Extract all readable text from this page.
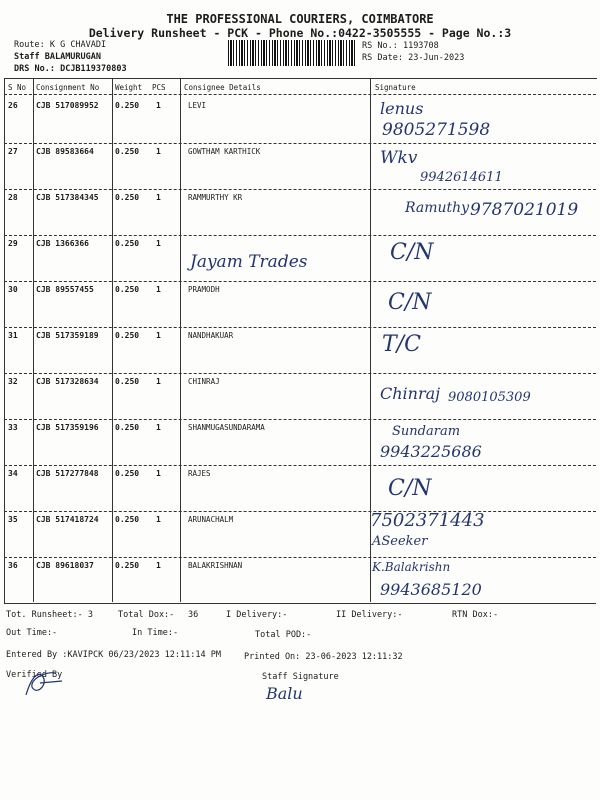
THE PROFESSIONAL COURIERS, COIMBATORE
Delivery Runsheet - PCK - Phone No.:0422-3505555 - Page No.:3
Route: K G CHAVADI
Staff BALAMURUGAN
DRS No.: DCJB119370803
RS No.: 1193708
RS Date: 23-Jun-2023
S No Consignment No Weight PCS Consignee Details	Signature
26 CJB 517089952 0.250 1	LEVI	lenus
9805271598
27 CJB 89583664	0.250 1	GOWTHAM KARTHICK	Wkv
9942614611
28 CJB 517384345 0.250 1	RAMMURTHY KR
Ramuthy 9787021019
29 CJB 1366366	0.250 1
Jayam Trades	C/N
30 CJB 89557455	0.250 1	PRAMODH
C/N
31 CJB 517359189 0.250 1	NANDHAKUAR	T/C
32 CJB 517328634 0.250 1	CHINRAJ
Chinraj 9080105309
33 CJB 517359196 0.250 1	SHANMUGASUNDARAMA	Sundaram
9943225686
34 CJB 517277848 0.250 1	RAJES
C/N
35 CJB 517418724 0.250 1	ARUNACHALM	7502371443
ASeeker
36 CJB 89618037	0.250 1	BALAKRISHNAN	K.Balakrishn
9943685120
Tot. Runsheet:- 3	Total Dox:- 36	I Delivery:-	II Delivery:-	RTN Dox:-
Out Time:-	In Time:-	Total POD:-
Entered By :KAVIPCK 06/23/2023 12:11:14 PM	Printed On: 23-06-2023 12:11:32
Verified By	Staff Signature
Balu
